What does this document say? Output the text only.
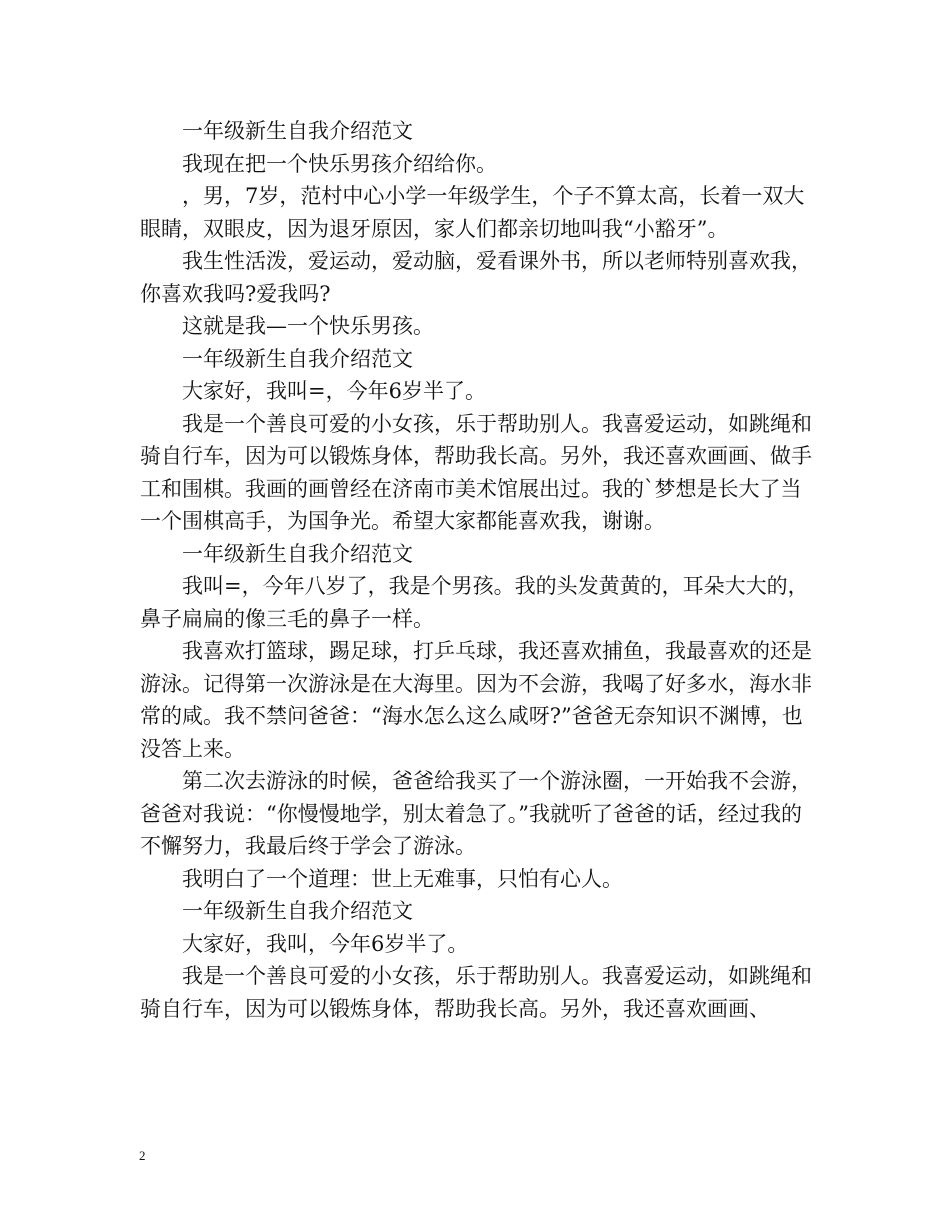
一年级新生自我介绍范文

我现在把一个快乐男孩介绍给你。

，男，7岁，范村中心小学一年级学生，个子不算太高，长着一双大眼睛，双眼皮，因为退牙原因，家人们都亲切地叫我“小豁牙”。

我生性活泼，爱运动，爱动脑，爱看课外书，所以老师特别喜欢我，你喜欢我吗?爱我吗?

这就是我—一个快乐男孩。

一年级新生自我介绍范文

大家好，我叫=，今年6岁半了。

我是一个善良可爱的小女孩，乐于帮助别人。我喜爱运动，如跳绳和骑自行车，因为可以锻炼身体，帮助我长高。另外，我还喜欢画画、做手工和围棋。我画的画曾经在济南市美术馆展出过。我的`梦想是长大了当一个围棋高手，为国争光。希望大家都能喜欢我，谢谢。

一年级新生自我介绍范文

我叫=，今年八岁了，我是个男孩。我的头发黄黄的，耳朵大大的，鼻子扁扁的像三毛的鼻子一样。

我喜欢打篮球，踢足球，打乒乓球，我还喜欢捕鱼，我最喜欢的还是游泳。记得第一次游泳是在大海里。因为不会游，我喝了好多水，海水非常的咸。我不禁问爸爸：“海水怎么这么咸呀?”爸爸无奈知识不渊博，也没答上来。

第二次去游泳的时候，爸爸给我买了一个游泳圈，一开始我不会游，爸爸对我说：“你慢慢地学，别太着急了。”我就听了爸爸的话，经过我的不懈努力，我最后终于学会了游泳。

我明白了一个道理：世上无难事，只怕有心人。

一年级新生自我介绍范文

大家好，我叫，今年6岁半了。

我是一个善良可爱的小女孩，乐于帮助别人。我喜爱运动，如跳绳和骑自行车，因为可以锻炼身体，帮助我长高。另外，我还喜欢画画、

2
